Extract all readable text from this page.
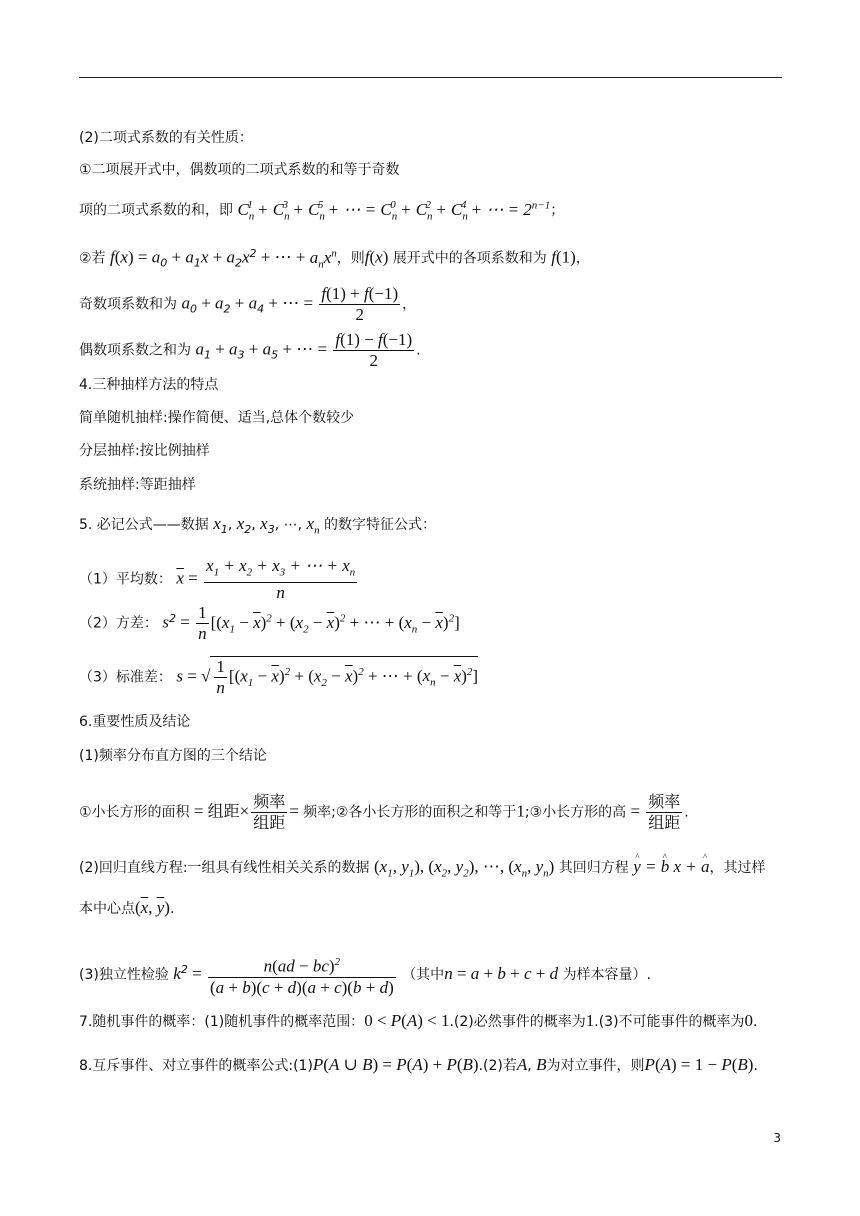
(2)二项式系数的有关性质：
①二项展开式中，偶数项的二项式系数的和等于奇数
项的二项式系数的和，即 $C_n^1 + C_n^3 + C_n^5$ + ⋯ = $C_n^0 + C_n^2 + C_n^4$ + ⋯ = $2^{n-1}$；
②若 $f(x) = a_0 + a_1x + a_2x^2$ + ⋯ + $a_nx^n$，则f(x) 展开式中的各项系数和为 f(1)，
奇数项系数和为 $a_0 + a_2 + a_4$ + ⋯ = $\frac{f(1) + f(-1)}{2}$ ，
偶数项系数之和为 $a_1 + a_3 + a_5$ + ⋯ = $\frac{f(1) - f(-1)}{2}$ .
4.三种抽样方法的特点
简单随机抽样:操作简便、适当,总体个数较少
分层抽样:按比例抽样
系统抽样:等距抽样
5. 必记公式——数据 $x_1$, $x_2$, $x_3$, ⋯, $x_n$ 的数字特征公式：
（1）平均数： $\overline{x} = \frac{x_1 + x_2 + x_3 + \cdots + x_n}{n}$
（2）方差： $s^2 = \frac{1}{n} [(x_1 - \overline{x})^2 + (x_2 - \overline{x})^2$ + ⋯ + $(x_n - \overline{x})^2$]
（3）标准差： s = √ $\frac{1}{n} [(x_1 - \overline{x})^2 + (x_2 - \overline{x})^2$ + ⋯ + $(x_n - \overline{x})^2$]
6.重要性质及结论
(1)频率分布直方图的三个结论
①小长方形的面积 = 组距× $\frac{\text{频率}}{\text{组距}}$ = 频率;②各小长方形的面积之和等于1;③小长方形的高 = $\frac{\text{频率}}{\text{组距}}$ .
(2)回归直线方程:一组具有线性相关关系的数据 ($x_1$, $y_1$), ($x_2$, $y_2$), ⋯, ($x_n$, $y_n$) 其回归方程 ^ y = ^ b x + ^ a，其过样
本中心点($\overline{x}$, $\overline{y}$).
(3)独立性检验 $k^2 = \frac{n(ad - bc)^2}{(a + b)(c + d)(a + c)(b + d)}$ （其中n = a + b + c + d 为样本容量）.
7.随机事件的概率：(1)随机事件的概率范围：0 < P(A) < 1.(2)必然事件的概率为1.(3)不可能事件的概率为0.
8.互斥事件、对立事件的概率公式:(1)P(A ∪ B) = P(A) + P(B).(2)若A, B为对立事件，则P(A) = 1 − P(B).
3
